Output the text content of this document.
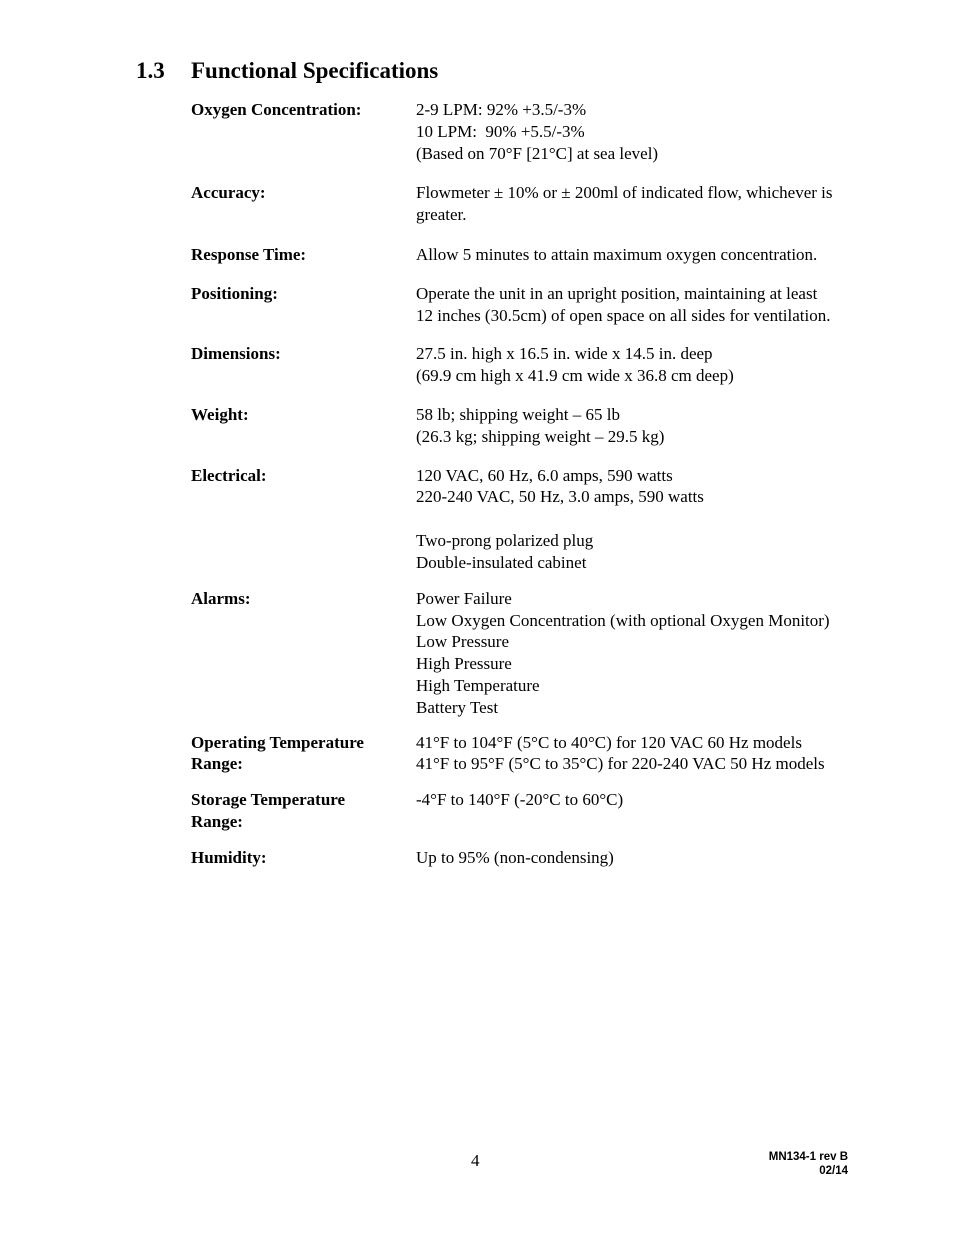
1.3 Functional Specifications
Oxygen Concentration:	2-9 LPM: 92% +3.5/-3%
10 LPM:  90% +5.5/-3%
(Based on 70°F [21°C] at sea level)
Accuracy:	Flowmeter ± 10% or ± 200ml of indicated flow, whichever is greater.
Response Time:	Allow 5 minutes to attain maximum oxygen concentration.
Positioning:	Operate the unit in an upright position, maintaining at least
12 inches (30.5cm) of open space on all sides for ventilation.
Dimensions:	27.5 in. high x 16.5 in. wide x 14.5 in. deep
(69.9 cm high x 41.9 cm wide x 36.8 cm deep)
Weight:	58 lb; shipping weight – 65 lb
(26.3 kg; shipping weight – 29.5 kg)
Electrical:	120 VAC, 60 Hz, 6.0 amps, 590 watts
220-240 VAC, 50 Hz, 3.0 amps, 590 watts
Two-prong polarized plug
Double-insulated cabinet
Alarms:	Power Failure
Low Oxygen Concentration (with optional Oxygen Monitor)
Low Pressure
High Pressure
High Temperature
Battery Test
Operating Temperature Range:
41°F to 104°F (5°C to 40°C) for 120 VAC 60 Hz models
41°F to 95°F (5°C to 35°C) for 220-240 VAC 50 Hz models
Storage Temperature Range:
-4°F to 140°F (-20°C to 60°C)
Humidity:	Up to 95% (non-condensing)
4	MN134-1 rev B
02/14
